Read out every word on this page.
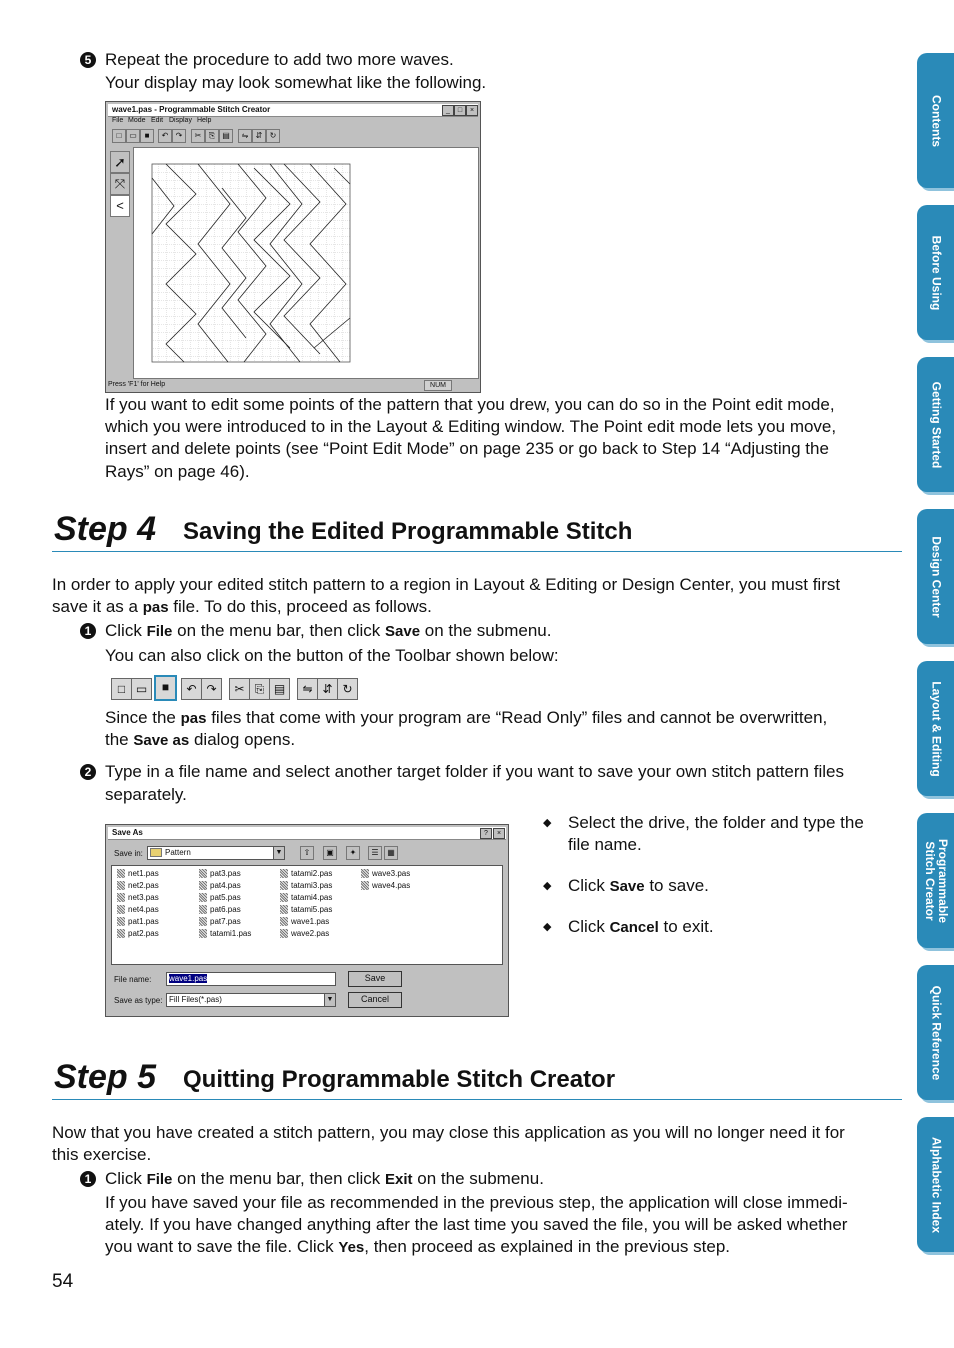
5 Repeat the procedure to add two more waves.
Your display may look somewhat like the following.
wave1.pas - Programmable Stitch Creator	_	□	×
File Mode Edit Display Help
□ ▭ ■	↶ ↷	✂ ⎘ ▤	⇋ ⇵ ↻
➚
⤧
<
Press 'F1' for Help	NUM
If you want to edit some points of the pattern that you drew, you can do so in the Point edit mode,
which you were introduced to in the Layout & Editing window. The Point edit mode lets you move,
insert and delete points (see “Point Edit Mode” on page 235 or go back to Step 14 “Adjusting the
Rays” on page 46).
Step 4 Saving the Edited Programmable Stitch
In order to apply your edited stitch pattern to a region in Layout & Editing or Design Center, you must first
save it as a pas file. To do this, proceed as follows.
1 Click File on the menu bar, then click Save on the submenu.
You can also click on the button of the Toolbar shown below:
□ ▭	■	↶ ↷	✂ ⎘ ▤	⇋ ⇵ ↻
Since the pas files that come with your program are “Read Only” files and cannot be overwritten,
the Save as dialog opens.
2 Type in a file name and select another target folder if you want to save your own stitch pattern files
separately.
Save As	?	×
Save in:	Pattern	▼	⇧	▣	✦	☰	▦
net1.pas
net2.pas
net3.pas
net4.pas
pat1.pas
pat2.pas
pat3.pas
pat4.pas
pat5.pas
pat6.pas
pat7.pas
tatami1.pas
tatami2.pas
tatami3.pas
tatami4.pas
tatami5.pas
wave1.pas
wave2.pas
wave3.pas
wave4.pas
File name:	wave1.pas
Save as type: Fill Files(*.pas)	▼
Save
Cancel
◆ Select the drive, the folder and type the
file name.
◆ Click Save to save.
◆ Click Cancel to exit.
Step 5 Quitting Programmable Stitch Creator
Now that you have created a stitch pattern, you may close this application as you will no longer need it for
this exercise.
1 Click File on the menu bar, then click Exit on the submenu.
If you have saved your file as recommended in the previous step, the application will close immedi-
ately. If you have changed anything after the last time you saved the file, you will be asked whether
you want to save the file. Click Yes, then proceed as explained in the previous step.
54
Contents
Before Using
Getting Started
Design Center
Layout & Editing
Programmable Stitch Creator
Quick Reference
Alphabetic Index
